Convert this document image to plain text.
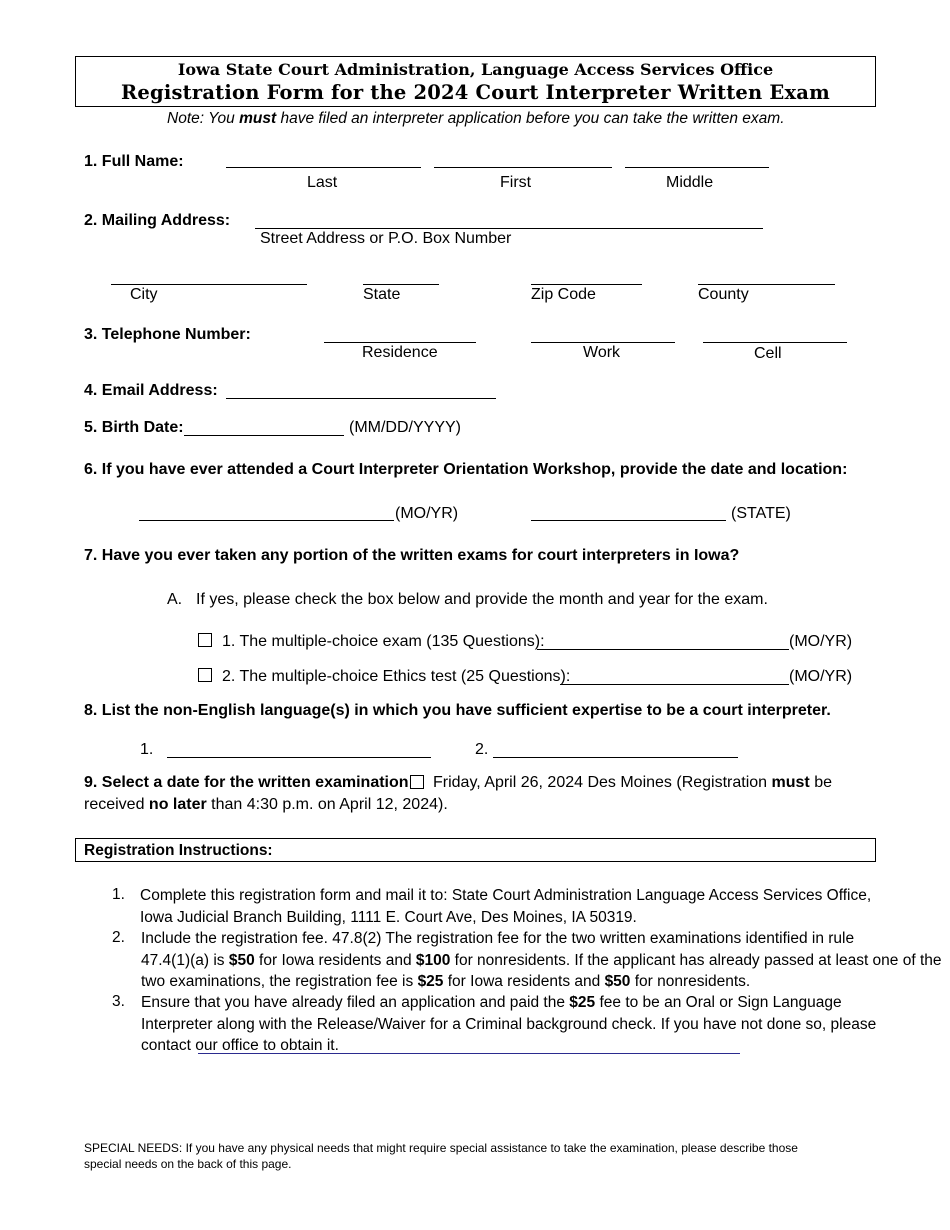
Iowa State Court Administration, Language Access Services Office
Registration Form for the 2024 Court Interpreter Written Exam
Note: You must have filed an interpreter application before you can take the written exam.
1. Full Name:
Last	First	Middle
2. Mailing Address:
Street Address or P.O. Box Number
City	State	Zip Code	County
3. Telephone Number:
Residence	Work	Cell
4. Email Address:
5. Birth Date:	(MM/DD/YYYY)
6. If you have ever attended a Court Interpreter Orientation Workshop, provide the date and location:
(MO/YR)	(STATE)
7. Have you ever taken any portion of the written exams for court interpreters in Iowa?
A. If yes, please check the box below and provide the month and year for the exam.
1. The multiple-choice exam (135 Questions):	(MO/YR)
2. The multiple-choice Ethics test (25 Questions):	(MO/YR)
8. List the non-English language(s) in which you have sufficient expertise to be a court interpreter.
1.	2.
9. Select a date for the written examination Friday, April 26, 2024 Des Moines (Registration must be
received no later than 4:30 p.m. on April 12, 2024).
Registration Instructions:
1. Complete this registration form and mail it to: State Court Administration Language Access Services Office,
Iowa Judicial Branch Building, 1111 E. Court Ave, Des Moines, IA 50319.
2. Include the registration fee. 47.8(2) The registration fee for the two written examinations identified in rule
47.4(1)(a) is $50 for Iowa residents and $100 for nonresidents. If the applicant has already passed at least one of the
two examinations, the registration fee is $25 for Iowa residents and $50 for nonresidents.
3. Ensure that you have already filed an application and paid the $25 fee to be an Oral or Sign Language
Interpreter along with the Release/Waiver for a Criminal background check. If you have not done so, please
contact our office to obtain it.
SPECIAL NEEDS: If you have any physical needs that might require special assistance to take the examination, please describe those
special needs on the back of this page.
